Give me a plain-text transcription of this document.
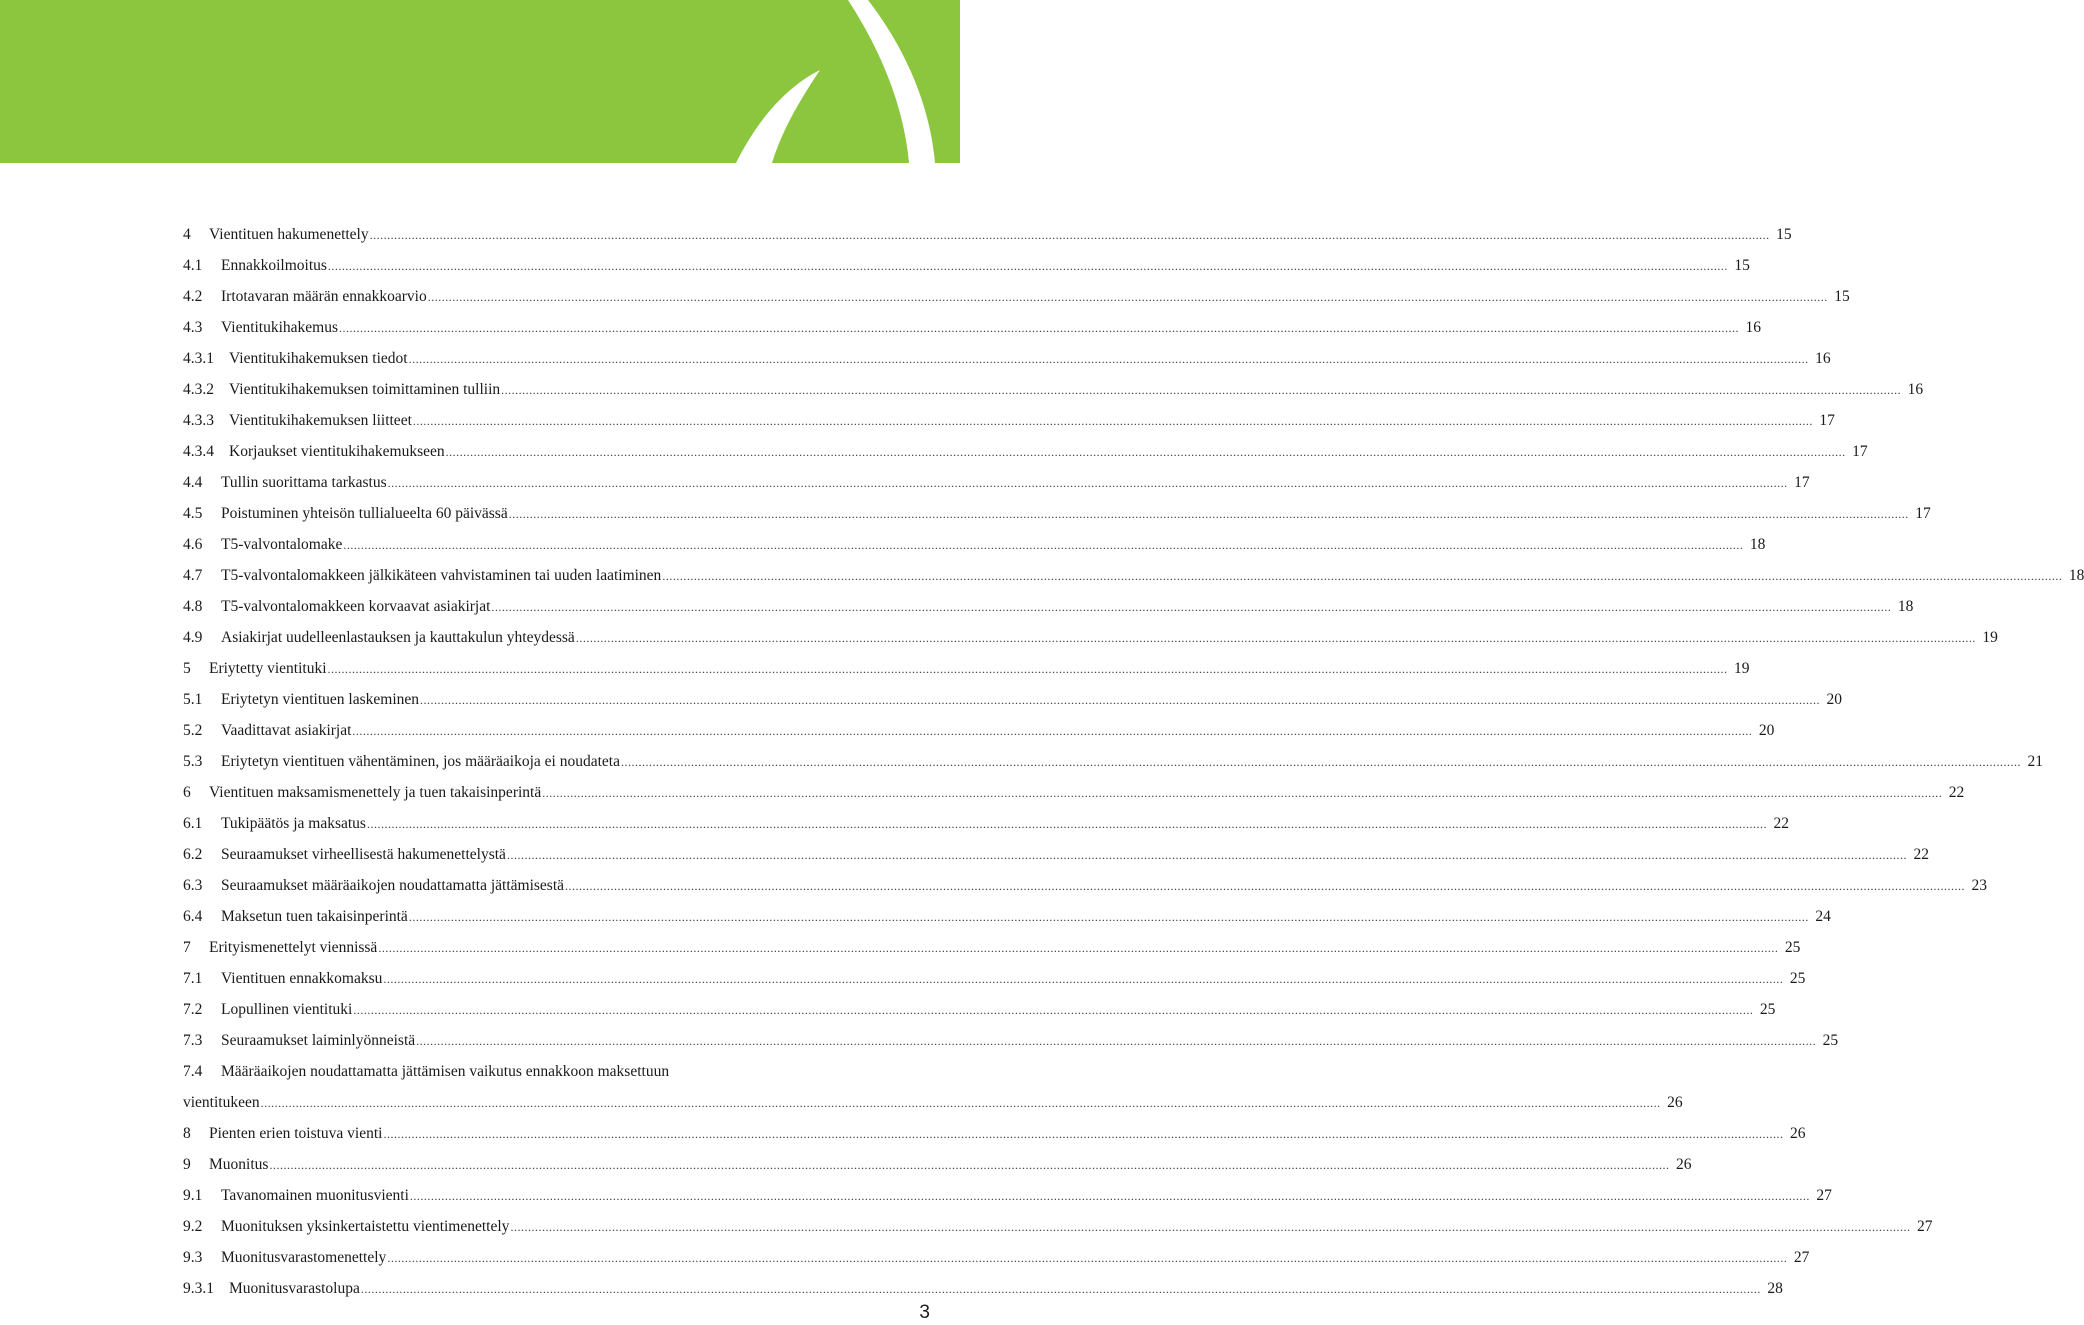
4	Vientituen hakumenettely ................................................................................................................................................................................................................................................................................................................................................................................................................ 15
4.1	Ennakkoilmoitus ................................................................................................................................................................................................................................................................................................................................................................................................................ 15
4.2	Irtotavaran määrän ennakkoarvio ................................................................................................................................................................................................................................................................................................................................................................................................................ 15
4.3	Vientitukihakemus ................................................................................................................................................................................................................................................................................................................................................................................................................ 16
4.3.1 Vientitukihakemuksen tiedot ................................................................................................................................................................................................................................................................................................................................................................................................................ 16
4.3.2 Vientitukihakemuksen toimittaminen tulliin ................................................................................................................................................................................................................................................................................................................................................................................................................ 16
4.3.3 Vientitukihakemuksen liitteet ................................................................................................................................................................................................................................................................................................................................................................................................................ 17
4.3.4 Korjaukset vientitukihakemukseen ................................................................................................................................................................................................................................................................................................................................................................................................................ 17
4.4	Tullin suorittama tarkastus ................................................................................................................................................................................................................................................................................................................................................................................................................ 17
4.5	Poistuminen yhteisön tullialueelta 60 päivässä ................................................................................................................................................................................................................................................................................................................................................................................................................ 17
4.6	T5-valvontalomake ................................................................................................................................................................................................................................................................................................................................................................................................................ 18
4.7	T5-valvontalomakkeen jälkikäteen vahvistaminen tai uuden laatiminen ................................................................................................................................................................................................................................................................................................................................................................................................................ 18
4.8	T5-valvontalomakkeen korvaavat asiakirjat ................................................................................................................................................................................................................................................................................................................................................................................................................ 18
4.9	Asiakirjat uudelleenlastauksen ja kauttakulun yhteydessä ................................................................................................................................................................................................................................................................................................................................................................................................................ 19
5	Eriytetty vientituki ................................................................................................................................................................................................................................................................................................................................................................................................................ 19
5.1	Eriytetyn vientituen laskeminen ................................................................................................................................................................................................................................................................................................................................................................................................................ 20
5.2	Vaadittavat asiakirjat ................................................................................................................................................................................................................................................................................................................................................................................................................ 20
5.3	Eriytetyn vientituen vähentäminen, jos määräaikoja ei noudateta ................................................................................................................................................................................................................................................................................................................................................................................................................ 21
6	Vientituen maksamismenettely ja tuen takaisinperintä ................................................................................................................................................................................................................................................................................................................................................................................................................ 22
6.1	Tukipäätös ja maksatus ................................................................................................................................................................................................................................................................................................................................................................................................................ 22
6.2	Seuraamukset virheellisestä hakumenettelystä ................................................................................................................................................................................................................................................................................................................................................................................................................ 22
6.3	Seuraamukset määräaikojen noudattamatta jättämisestä ................................................................................................................................................................................................................................................................................................................................................................................................................ 23
6.4	Maksetun tuen takaisinperintä ................................................................................................................................................................................................................................................................................................................................................................................................................ 24
7	Erityismenettelyt viennissä ................................................................................................................................................................................................................................................................................................................................................................................................................ 25
7.1	Vientituen ennakkomaksu ................................................................................................................................................................................................................................................................................................................................................................................................................ 25
7.2	Lopullinen vientituki ................................................................................................................................................................................................................................................................................................................................................................................................................ 25
7.3	Seuraamukset laiminlyönneistä ................................................................................................................................................................................................................................................................................................................................................................................................................ 25
7.4	Määräaikojen noudattamatta jättämisen vaikutus ennakkoon maksettuun
vientitukeen ................................................................................................................................................................................................................................................................................................................................................................................................................ 26
8	Pienten erien toistuva vienti ................................................................................................................................................................................................................................................................................................................................................................................................................ 26
9	Muonitus ................................................................................................................................................................................................................................................................................................................................................................................................................ 26
9.1	Tavanomainen muonitusvienti ................................................................................................................................................................................................................................................................................................................................................................................................................ 27
9.2	Muonituksen yksinkertaistettu vientimenettely ................................................................................................................................................................................................................................................................................................................................................................................................................ 27
9.3	Muonitusvarastomenettely ................................................................................................................................................................................................................................................................................................................................................................................................................ 27
9.3.1 Muonitusvarastolupa ................................................................................................................................................................................................................................................................................................................................................................................................................ 28
3
